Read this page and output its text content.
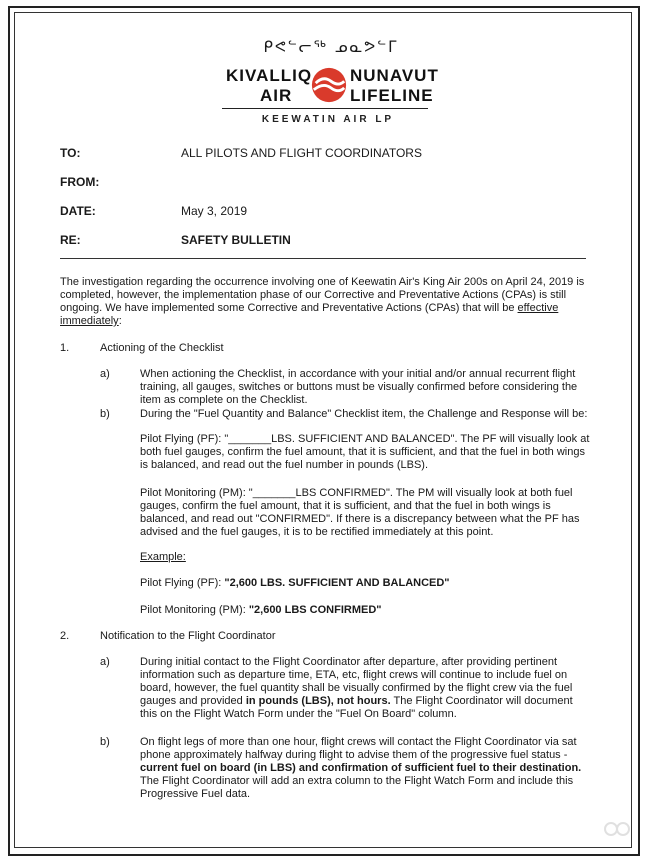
ᑭᕙᓪᓕᖅ ᓄᓇᕗᓪᒥ
KIVALLIQ
AIR
NUNAVUT
LIFELINE
KEEWATIN AIR LP
TO:	ALL PILOTS AND FLIGHT COORDINATORS
FROM:
DATE:	May 3, 2019
RE:	SAFETY BULLETIN
The investigation regarding the occurrence involving one of Keewatin Air's King Air 200s on April 24, 2019 is completed, however, the implementation phase of our Corrective and Preventative Actions (CPAs) is still ongoing. We have implemented some Corrective and Preventative Actions (CPAs) that will be effective immediately:
1.	Actioning of the Checklist
a)	When actioning the Checklist, in accordance with your initial and/or annual recurrent flight training, all gauges, switches or buttons must be visually confirmed before considering the item as complete on the Checklist.
b)	During the "Fuel Quantity and Balance" Checklist item, the Challenge and Response will be:
Pilot Flying (PF): "_______LBS. SUFFICIENT AND BALANCED". The PF will visually look at both fuel gauges, confirm the fuel amount, that it is sufficient, and that the fuel in both wings is balanced, and read out the fuel number in pounds (LBS).
Pilot Monitoring (PM): "_______LBS CONFIRMED". The PM will visually look at both fuel gauges, confirm the fuel amount, that it is sufficient, and that the fuel in both wings is balanced, and read out "CONFIRMED". If there is a discrepancy between what the PF has advised and the fuel gauges, it is to be rectified immediately at this point.
Example:
Pilot Flying (PF): "2,600 LBS. SUFFICIENT AND BALANCED"
Pilot Monitoring (PM): "2,600 LBS CONFIRMED"
2.	Notification to the Flight Coordinator
a)	During initial contact to the Flight Coordinator after departure, after providing pertinent information such as departure time, ETA, etc, flight crews will continue to include fuel on board, however, the fuel quantity shall be visually confirmed by the flight crew via the fuel gauges and provided in pounds (LBS), not hours. The Flight Coordinator will document this on the Flight Watch Form under the "Fuel On Board" column.
b)	On flight legs of more than one hour, flight crews will contact the Flight Coordinator via sat phone approximately halfway during flight to advise them of the progressive fuel status - current fuel on board (in LBS) and confirmation of sufficient fuel to their destination. The Flight Coordinator will add an extra column to the Flight Watch Form and include this Progressive Fuel data.
